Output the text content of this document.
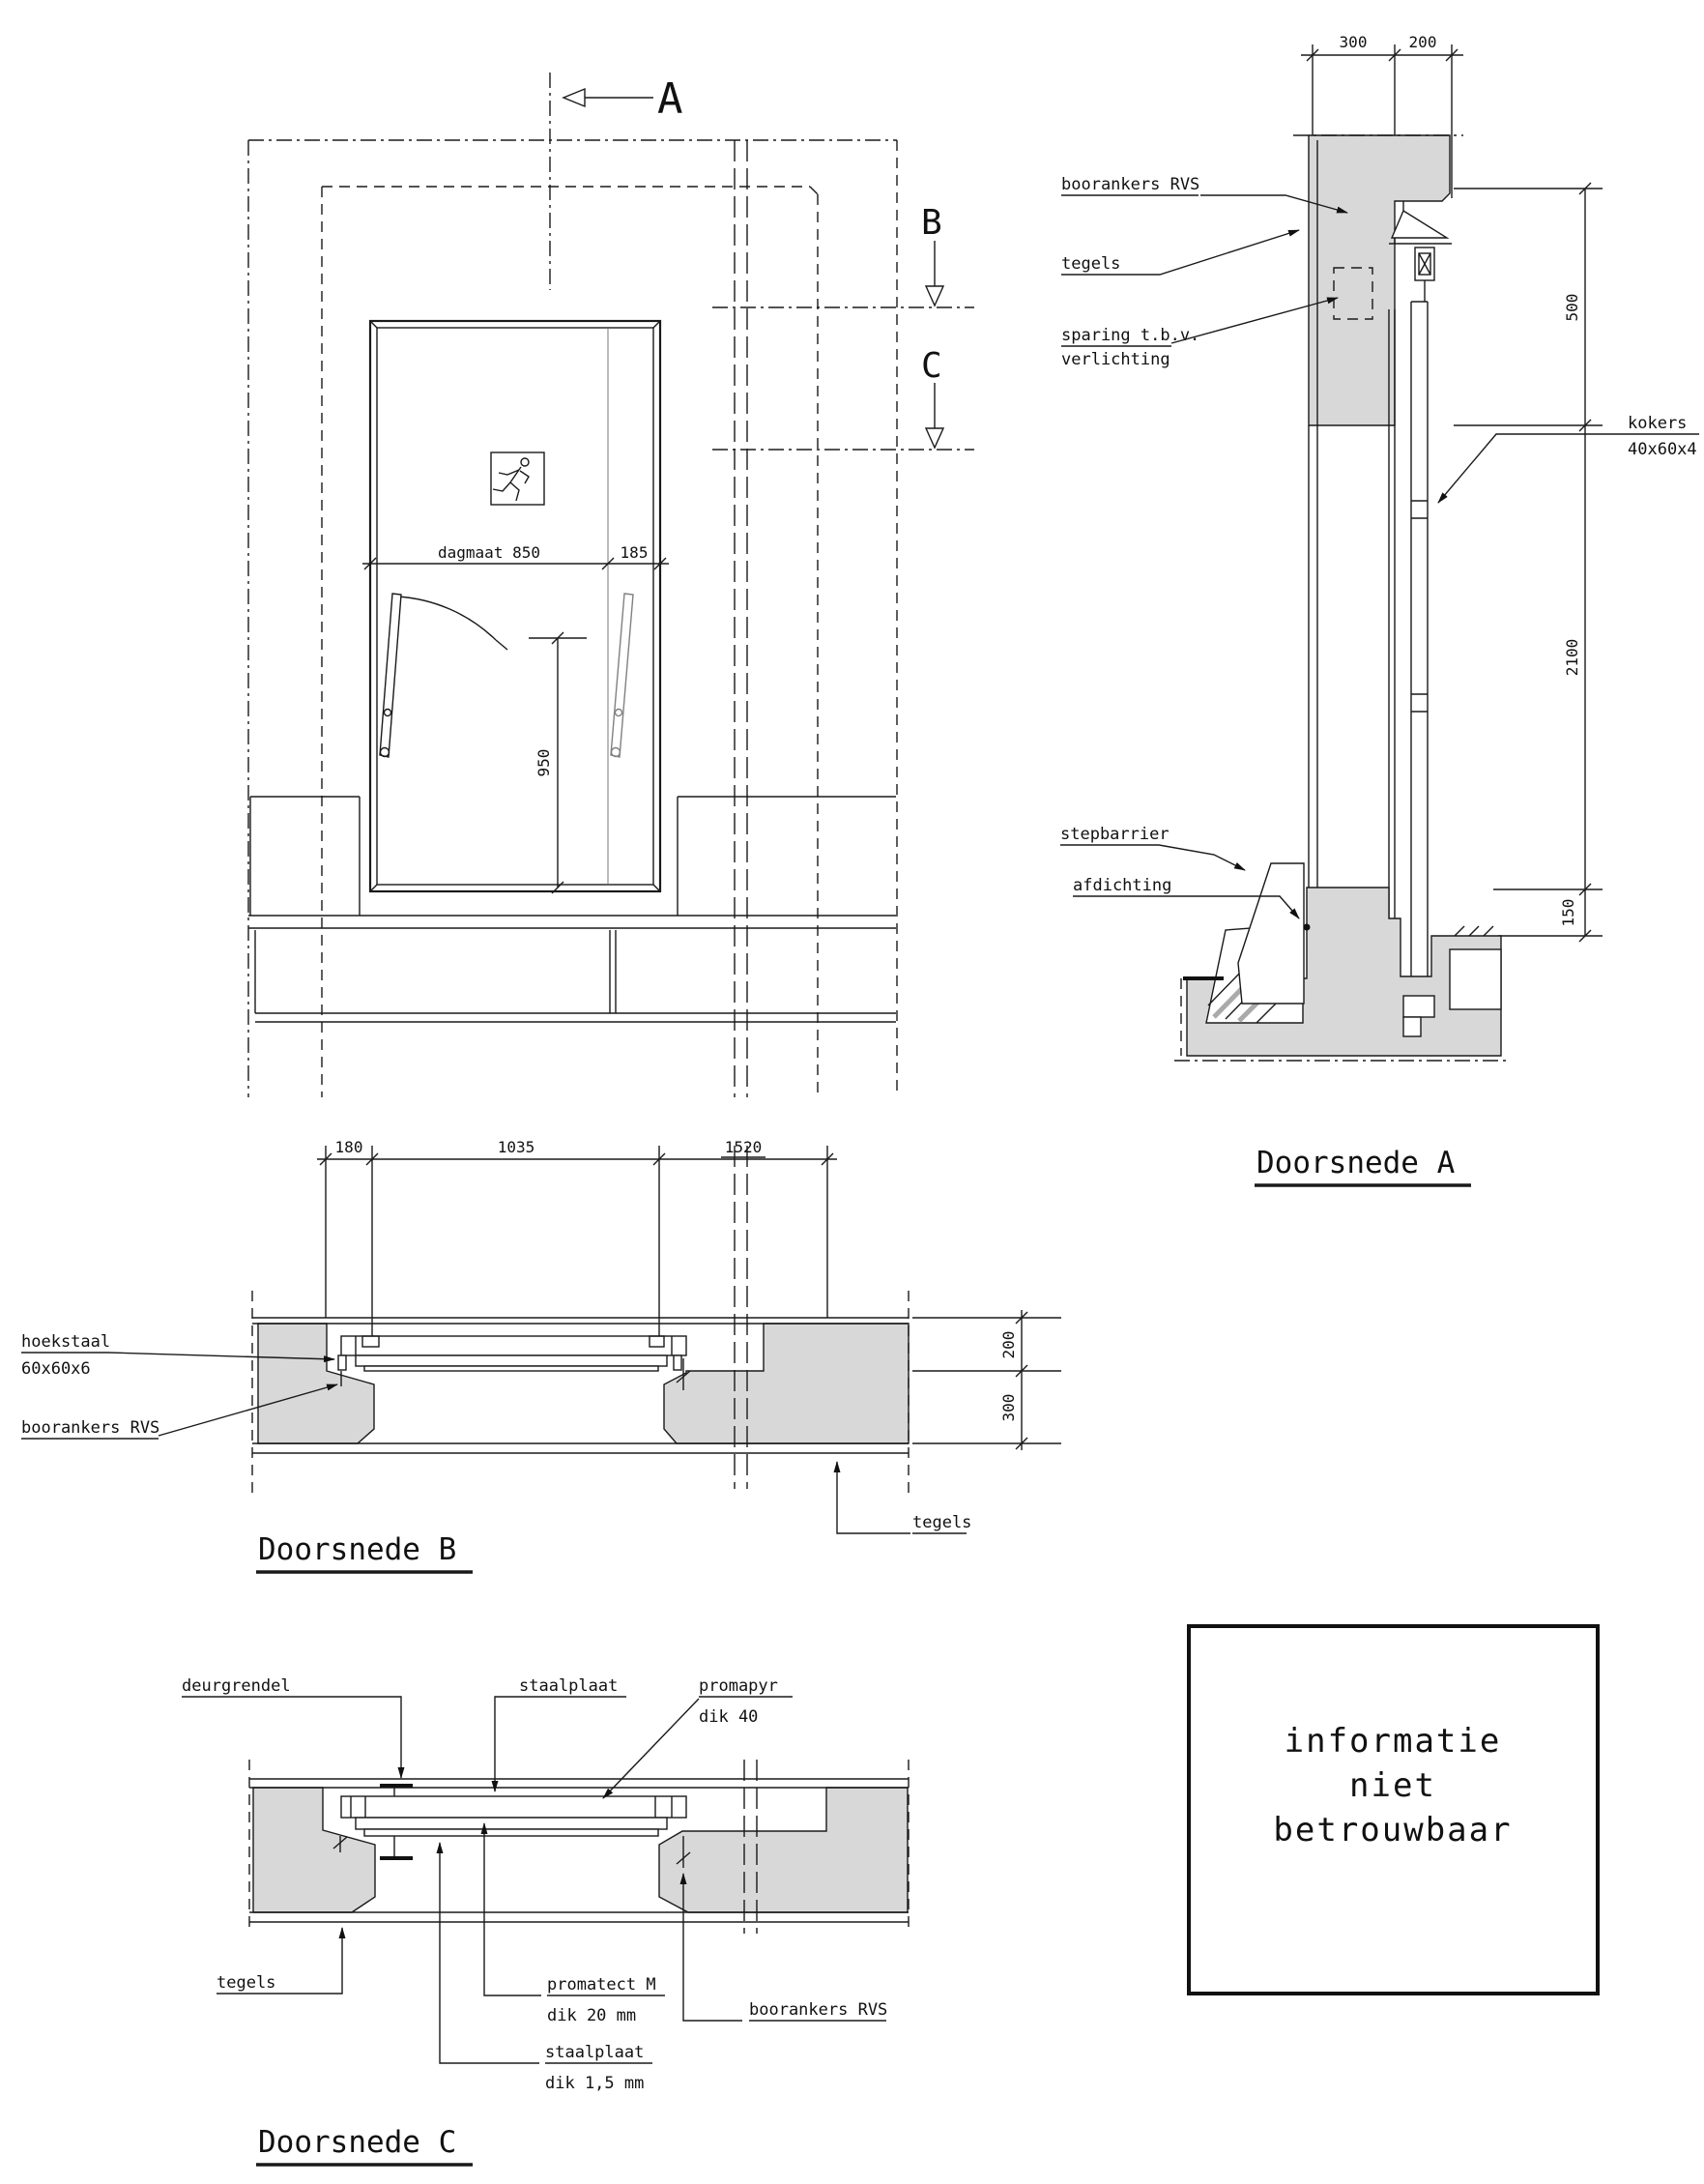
A
B
C
dagmaat 850	185
950
300	200
500
2100
150
boorankers RVS
tegels
sparing t.b.v.
verlichting
kokers
40x60x4
stepbarrier
afdichting
Doorsnede A
180	1035	1520
200
300
hoekstaal
60x60x6
boorankers RVS
tegels
Doorsnede B
deurgrendel	staalplaat	promapyr
dik 40
tegels	promatect M
dik 20 mm	boorankers RVS
staalplaat
dik 1,5 mm
Doorsnede C
informatie
niet
betrouwbaar
